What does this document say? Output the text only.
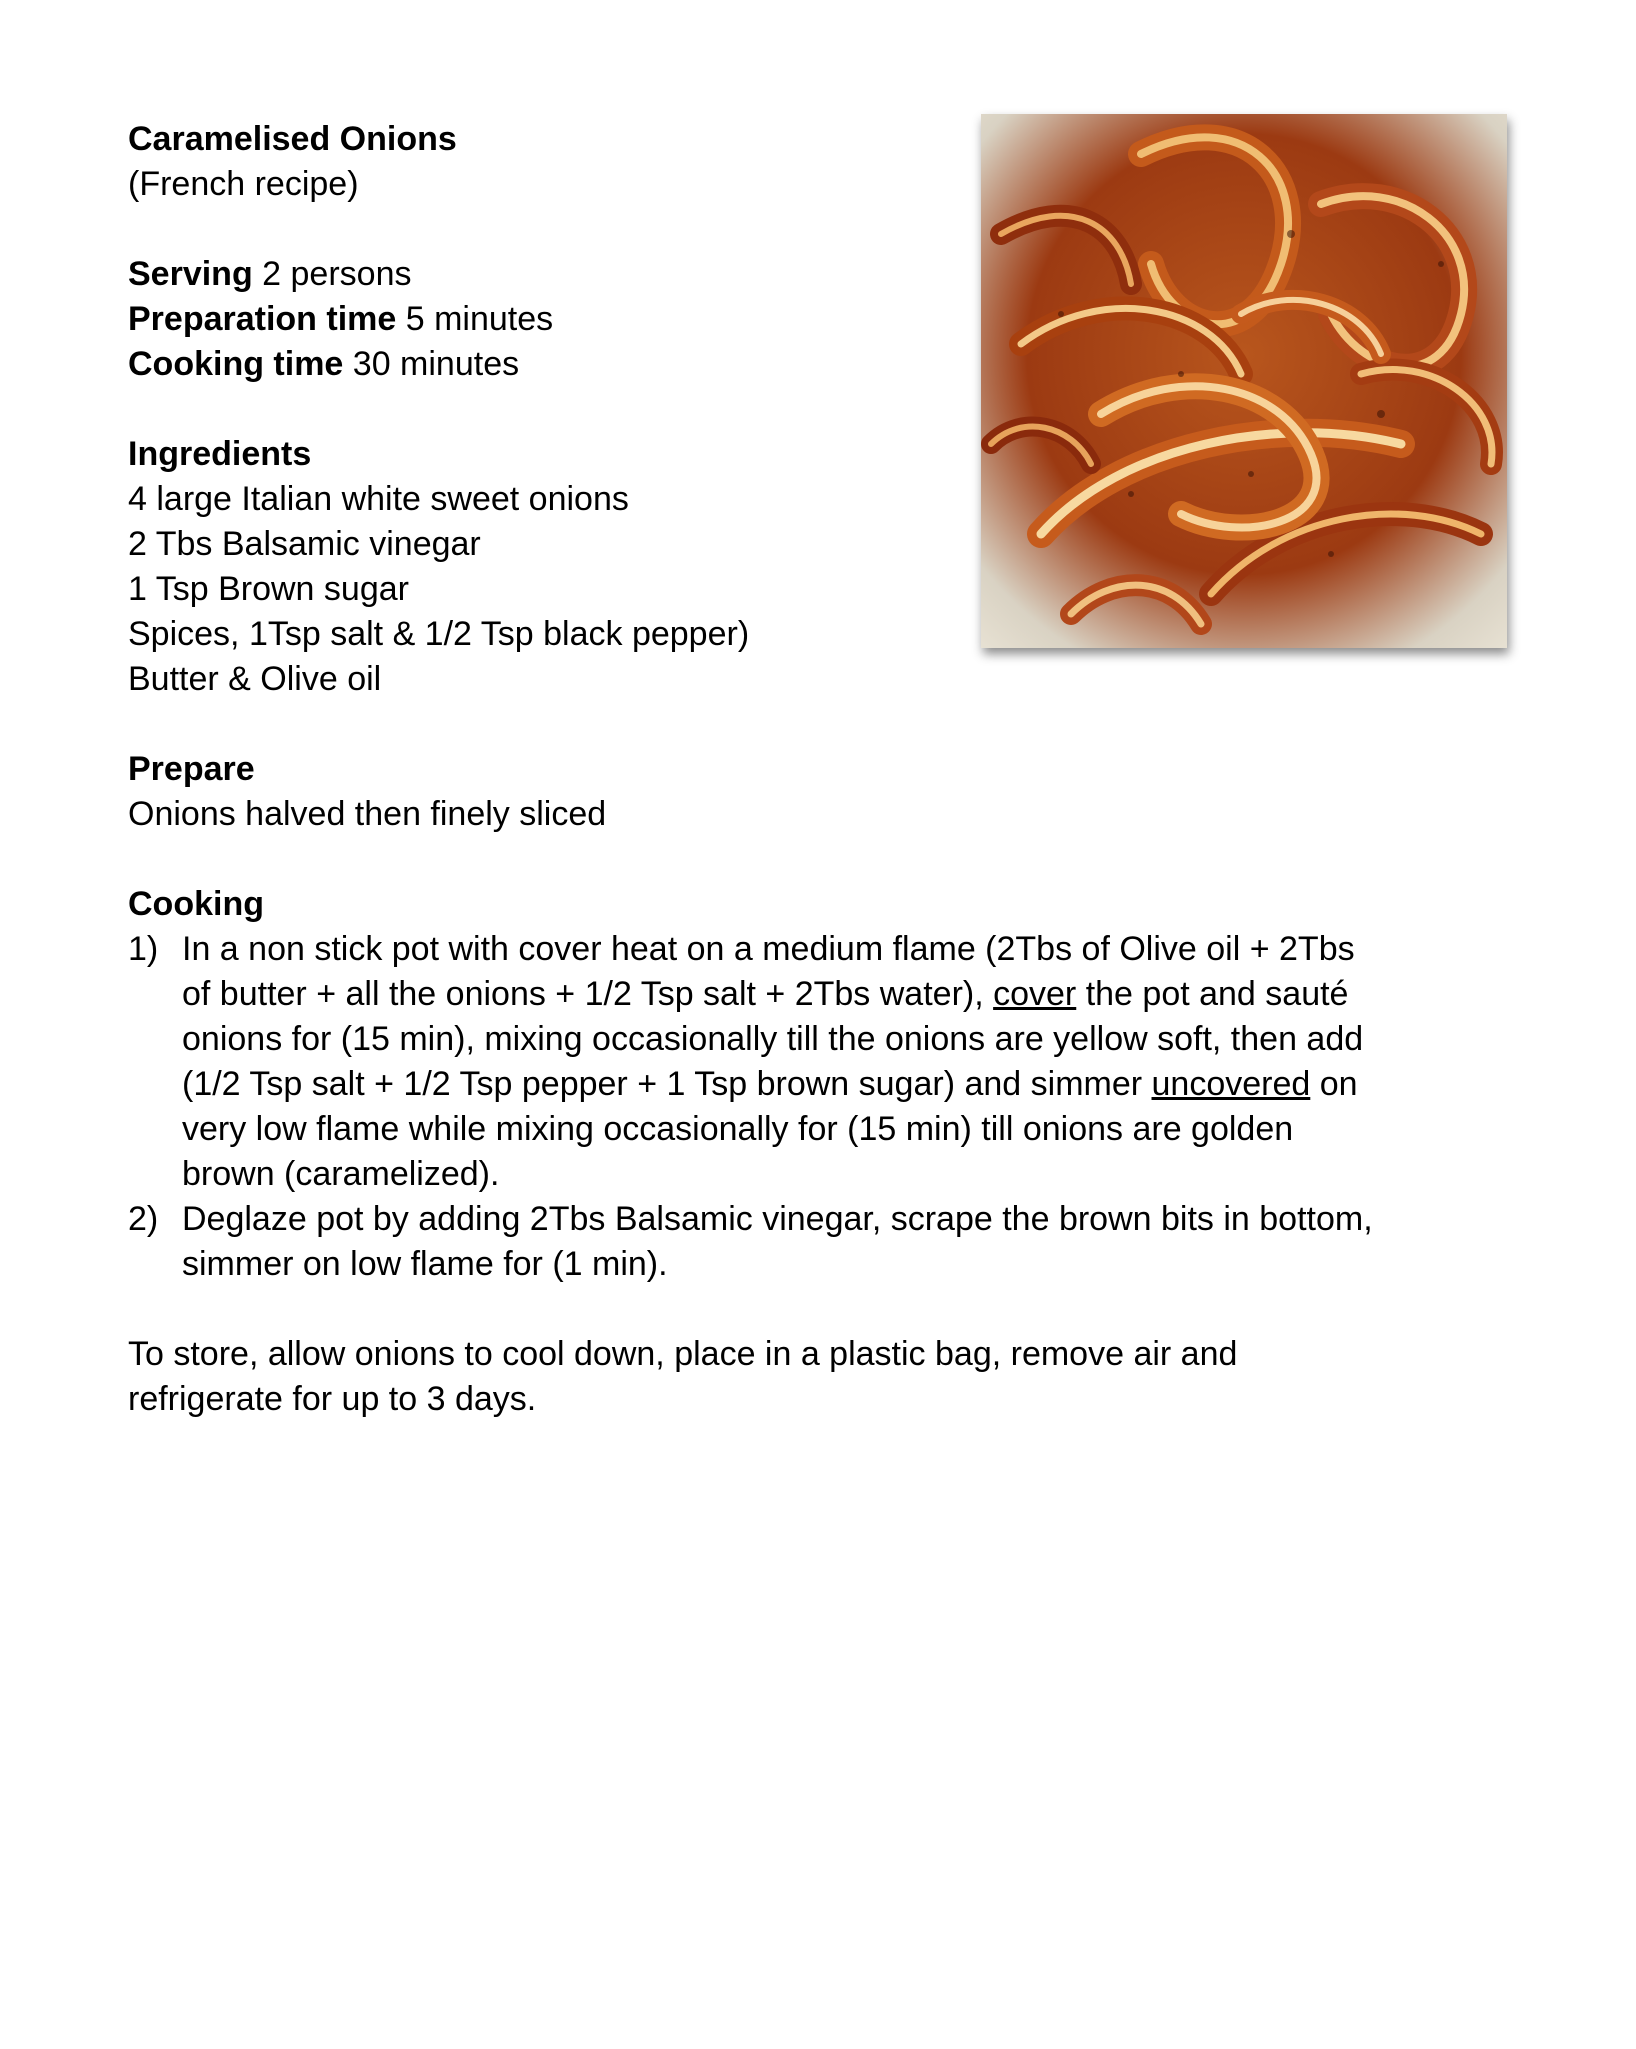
Caramelised Onions
(French recipe)
Serving 2 persons
Preparation time 5 minutes
Cooking time 30 minutes
Ingredients
4 large Italian white sweet onions
2 Tbs Balsamic vinegar
1 Tsp Brown sugar
Spices, 1Tsp salt & 1/2 Tsp black pepper)
Butter & Olive oil
Prepare
Onions halved then finely sliced
Cooking
1) In a non stick pot with cover heat on a medium flame (2Tbs of Olive oil + 2Tbs
of butter + all the onions + 1/2 Tsp salt + 2Tbs water), cover the pot and sauté
onions for (15 min), mixing occasionally till the onions are yellow soft, then add
(1/2 Tsp salt + 1/2 Tsp pepper + 1 Tsp brown sugar) and simmer uncovered on
very low flame while mixing occasionally for (15 min) till onions are golden
brown (caramelized).
2) Deglaze pot by adding 2Tbs Balsamic vinegar, scrape the brown bits in bottom,
simmer on low flame for (1 min).
To store, allow onions to cool down, place in a plastic bag, remove air and
refrigerate for up to 3 days.
